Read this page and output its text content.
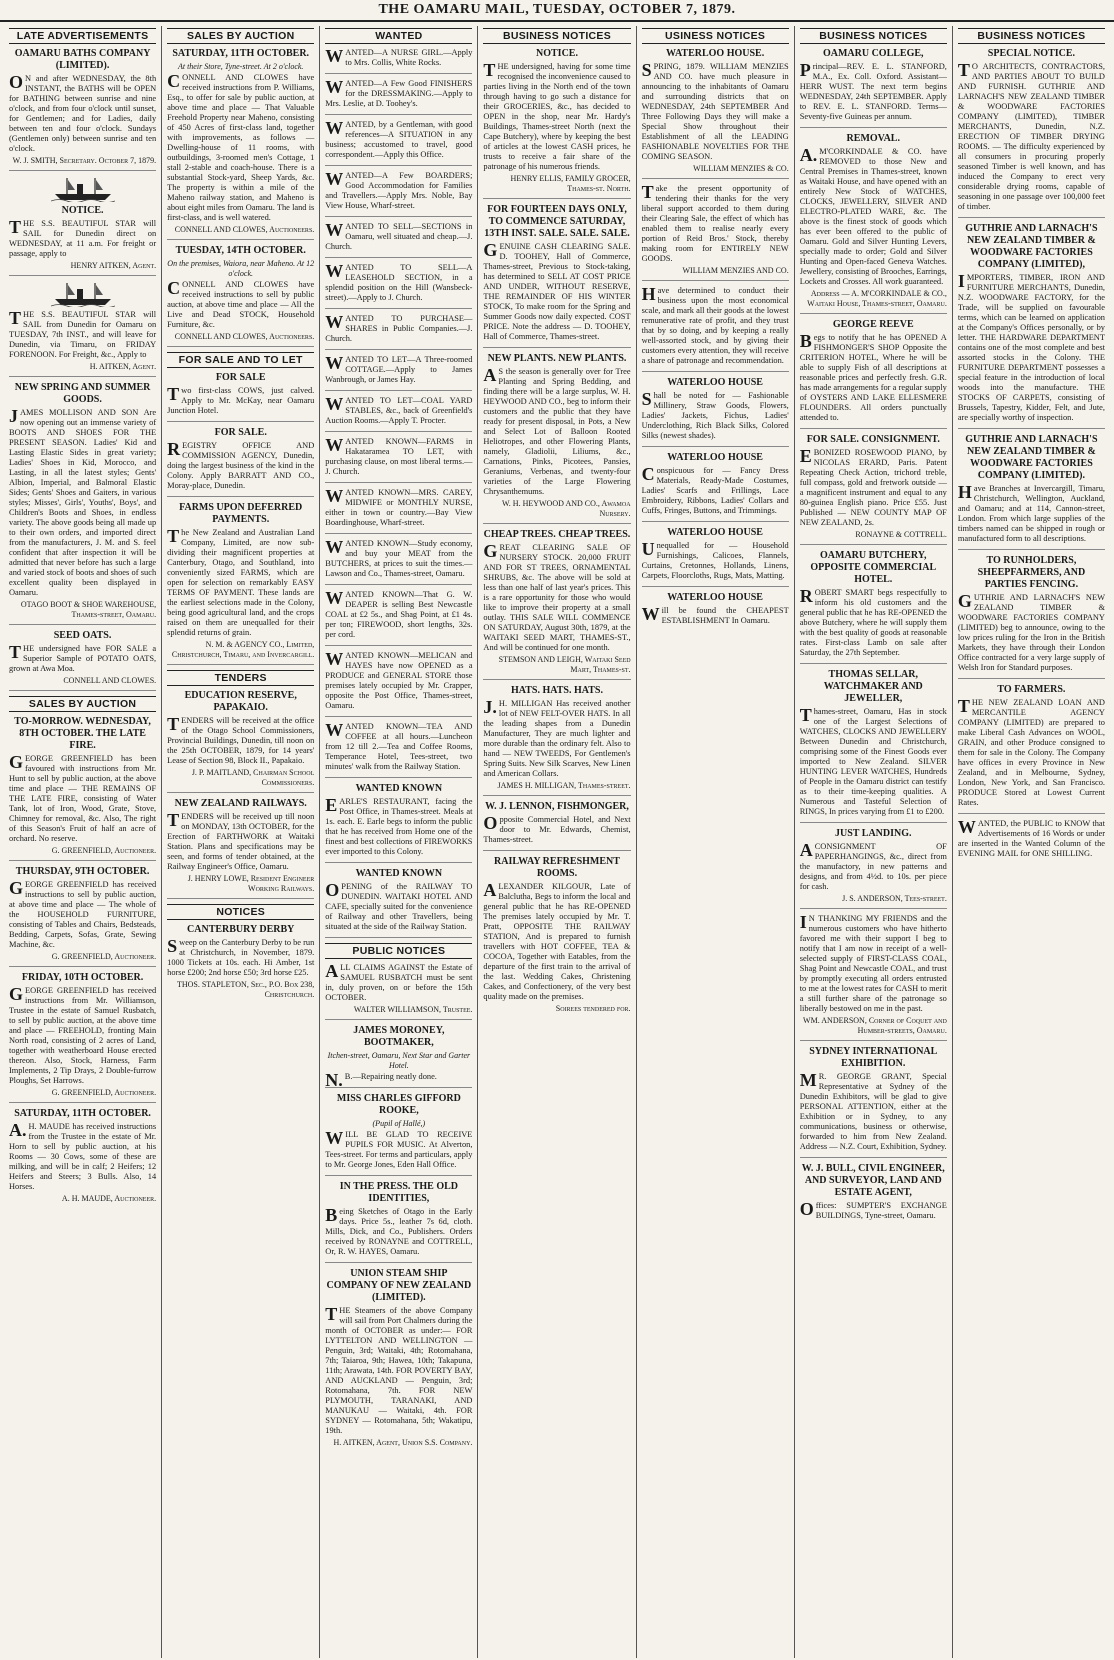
THE OAMARU MAIL, TUESDAY, OCTOBER 7, 1879.
LATE ADVERTISEMENTS
OAMARU BATHS COMPANY (LIMITED).
ON and after WEDNESDAY, the 8th INSTANT, the BATHS will be OPEN for BATHING between sunrise and nine o'clock, and from four o'clock until sunset, for Gentlemen; and for Ladies, daily between ten and four o'clock. Sundays (Gentlemen only) between sunrise and ten o'clock.
W. J. SMITH, Secretary. October 7, 1879.
NOTICE.
THE S.S. BEAUTIFUL STAR will SAIL for Dunedin direct on WEDNESDAY, at 11 a.m. For freight or passage, apply to
HENRY AITKEN, Agent.
THE S.S. BEAUTIFUL STAR will SAIL from Dunedin for Oamaru on TUESDAY, 7th INST., and will leave for Dunedin, via Timaru, on FRIDAY FORENOON. For Freight, &c., Apply to
H. AITKEN, Agent.
NEW SPRING AND SUMMER GOODS.
JAMES MOLLISON AND SON Are now opening out an immense variety of BOOTS AND SHOES FOR THE PRESENT SEASON. Ladies' Kid and Lasting Elastic Sides in great variety; Ladies' Shoes in Kid, Morocco, and Lasting, in all the latest styles; Gents' Albion, Imperial, and Balmoral Elastic Sides; Gents' Shoes and Gaiters, in various styles; Misses', Girls', Youths', Boys', and Children's Boots and Shoes, in endless variety. The above goods being all made up to their own orders, and imported direct from the manufacturers, J. M. and S. feel confident that after inspection it will be admitted that never before has such a large and varied stock of boots and shoes of such excellent quality been displayed in Oamaru.
OTAGO BOOT & SHOE WAREHOUSE, Thames-street, Oamaru.
SEED OATS.
THE undersigned have FOR SALE a Superior Sample of POTATO OATS, grown at Awa Moa.
CONNELL AND CLOWES.
SALES BY AUCTION
TO-MORROW. WEDNESDAY, 8TH OCTOBER. THE LATE FIRE.
GEORGE GREENFIELD has been favoured with instructions from Mr. Hunt to sell by public auction, at the above time and place — THE REMAINS OF THE LATE FIRE, consisting of Water Tank, lot of Iron, Wood, Grate, Stove, Chimney for removal, &c. Also, The right of this Season's Fruit of half an acre of orchard. No reserve.
G. GREENFIELD, Auctioneer.
THURSDAY, 9TH OCTOBER.
GEORGE GREENFIELD has received instructions to sell by public auction, at above time and place — The whole of the HOUSEHOLD FURNITURE, consisting of Tables and Chairs, Bedsteads, Bedding, Carpets, Sofas, Grate, Sewing Machine, &c.
G. GREENFIELD, Auctioneer.
FRIDAY, 10TH OCTOBER.
GEORGE GREENFIELD has received instructions from Mr. Williamson, Trustee in the estate of Samuel Rusbatch, to sell by public auction, at the above time and place — FREEHOLD, fronting Main North road, consisting of 2 acres of Land, together with weatherboard House erected thereon. Also, Stock, Harness, Farm Implements, 2 Tip Drays, 2 Double-furrow Ploughs, Set Harrows.
G. GREENFIELD, Auctioneer.
SATURDAY, 11TH OCTOBER.
A.H. MAUDE has received instructions from the Trustee in the estate of Mr. Horn to sell by public auction, at his Rooms — 30 Cows, some of these are milking, and will be in calf; 2 Heifers; 12 Heifers and Steers; 3 Bulls. Also, 14 Horses.
A. H. MAUDE, Auctioneer.
SALES BY AUCTION
SATURDAY, 11TH OCTOBER.
At their Store, Tyne-street. At 2 o'clock.
CONNELL AND CLOWES have received instructions from P. Williams, Esq., to offer for sale by public auction, at above time and place — That Valuable Freehold Property near Maheno, consisting of 450 Acres of first-class land, together with improvements, as follows — Dwelling-house of 11 rooms, with outbuildings, 3-roomed men's Cottage, 1 stall 2-stable and coach-house. There is a substantial Stock-yard, Sheep Yards, &c. The property is within a mile of the Maheno railway station, and Maheno is about eight miles from Oamaru. The land is first-class, and is well watered.
CONNELL AND CLOWES, Auctioneers.
TUESDAY, 14TH OCTOBER.
On the premises, Waiora, near Maheno. At 12 o'clock.
CONNELL AND CLOWES have received instructions to sell by public auction, at above time and place — All the Live and Dead STOCK, Household Furniture, &c.
CONNELL AND CLOWES, Auctioneers.
FOR SALE AND TO LET
FOR SALE
Two first-class COWS, just calved. Apply to Mr. McKay, near Oamaru Junction Hotel.
FOR SALE.
REGISTRY OFFICE AND COMMISSION AGENCY, Dunedin, doing the largest business of the kind in the Colony. Apply BARRATT AND CO., Moray-place, Dunedin.
FARMS UPON DEFERRED PAYMENTS.
The New Zealand and Australian Land Company, Limited, are now sub-dividing their magnificent properties at Canterbury, Otago, and Southland, into conveniently sized FARMS, which are open for selection on remarkably EASY TERMS OF PAYMENT. These lands are the earliest selections made in the Colony, being good agricultural land, and the crops raised on them are unequalled for their splendid returns of grain.
N. M. & AGENCY CO., Limited, Christchurch, Timaru, and Invercargill.
TENDERS
EDUCATION RESERVE, PAPAKAIO.
TENDERS will be received at the office of the Otago School Commissioners, Provincial Buildings, Dunedin, till noon on the 25th OCTOBER, 1879, for 14 years' Lease of Section 98, Block II., Papakaio.
J. P. MAITLAND, Chairman School Commissioners.
NEW ZEALAND RAILWAYS.
TENDERS will be received up till noon on MONDAY, 13th OCTOBER, for the Erection of FARTHWORK at Waitaki Station. Plans and specifications may be seen, and forms of tender obtained, at the Railway Engineer's Office, Oamaru.
J. HENRY LOWE, Resident Engineer Working Railways.
NOTICES
CANTERBURY DERBY
Sweep on the Canterbury Derby to be run at Christchurch, in November, 1879. 1000 Tickets at 10s. each. Hi Amber, 1st horse £200; 2nd horse £50; 3rd horse £25.
THOS. STAPLETON, Sec., P.O. Box 238, Christchurch.
WANTED
WANTED—A NURSE GIRL.—Apply to Mrs. Collis, White Rocks.
WANTED—A Few Good FINISHERS for the DRESSMAKING.—Apply to Mrs. Leslie, at D. Toohey's.
WANTED, by a Gentleman, with good references—A SITUATION in any business; accustomed to travel, good correspondent.—Apply this Office.
WANTED—A Few BOARDERS; Good Accommodation for Families and Travellers.—Apply Mrs. Noble, Bay View House, Wharf-street.
WANTED TO SELL—SECTIONS in Oamaru, well situated and cheap.—J. Church.
WANTED TO SELL—A LEASEHOLD SECTION, in a splendid position on the Hill (Wansbeck-street).—Apply to J. Church.
WANTED TO PURCHASE—SHARES in Public Companies.—J. Church.
WANTED TO LET—A Three-roomed COTTAGE.—Apply to James Wanbrough, or James Hay.
WANTED TO LET—COAL YARD STABLES, &c., back of Greenfield's Auction Rooms.—Apply T. Procter.
WANTED KNOWN—FARMS in Hakataramea TO LET, with purchasing clause, on most liberal terms.—J. Church.
WANTED KNOWN—MRS. CAREY, MIDWIFE or MONTHLY NURSE, either in town or country.—Bay View Boardinghouse, Wharf-street.
WANTED KNOWN—Study economy, and buy your MEAT from the BUTCHERS, at prices to suit the times.—Lawson and Co., Thames-street, Oamaru.
WANTED KNOWN—That G. W. DEAPER is selling Best Newcastle COAL at £2 5s., and Shag Point, at £1 4s. per ton; FIREWOOD, short lengths, 32s. per cord.
WANTED KNOWN—MELICAN and HAYES have now OPENED as a PRODUCE and GENERAL STORE those premises lately occupied by Mr. Crapper, opposite the Post Office, Thames-street, Oamaru.
WANTED KNOWN—TEA AND COFFEE at all hours.—Luncheon from 12 till 2.—Tea and Coffee Rooms, Temperance Hotel, Tees-street, two minutes' walk from the Railway Station.
WANTED KNOWN
EARLE'S RESTAURANT, facing the Post Office, in Thames-street. Meals at 1s. each. E. Earle begs to inform the public that he has received from Home one of the finest and best collections of FIREWORKS ever imported to this Colony.
WANTED KNOWN
OPENING of the RAILWAY TO DUNEDIN. WAITAKI HOTEL AND CAFE, specially suited for the convenience of Railway and other Travellers, being situated at the side of the Railway Station.
PUBLIC NOTICES
ALL CLAIMS AGAINST the Estate of SAMUEL RUSBATCH must be sent in, duly proven, on or before the 15th OCTOBER.
WALTER WILLIAMSON, Trustee.
JAMES MORONEY, BOOTMAKER,
Itchen-street, Oamaru, Next Star and Garter Hotel.
N.B.—Repairing neatly done.
MISS CHARLES GIFFORD ROOKE,
(Pupil of Hallé,)
WILL BE GLAD TO RECEIVE PUPILS FOR MUSIC. At Alverton, Tees-street. For terms and particulars, apply to Mr. George Jones, Eden Hall Office.
IN THE PRESS. THE OLD IDENTITIES,
Being Sketches of Otago in the Early days. Price 5s., leather 7s 6d, cloth. Mills, Dick, and Co., Publishers. Orders received by RONAYNE and COTTRELL, Or, R. W. HAYES, Oamaru.
UNION STEAM SHIP COMPANY OF NEW ZEALAND (LIMITED).
THE Steamers of the above Company will sail from Port Chalmers during the month of OCTOBER as under:— FOR LYTTELTON AND WELLINGTON — Penguin, 3rd; Waitaki, 4th; Rotomahana, 7th; Taiaroa, 9th; Hawea, 10th; Takapuna, 11th; Arawata, 14th. FOR POVERTY BAY, AND AUCKLAND — Penguin, 3rd; Rotomahana, 7th. FOR NEW PLYMOUTH, TARANAKI, AND MANUKAU — Waitaki, 4th. FOR SYDNEY — Rotomahana, 5th; Wakatipu, 19th.
H. AITKEN, Agent, Union S.S. Company.
BUSINESS NOTICES
NOTICE.
THE undersigned, having for some time recognised the inconvenience caused to parties living in the North end of the town through having to go such a distance for their GROCERIES, &c., has decided to OPEN in the shop, near Mr. Hardy's Buildings, Thames-street North (next the Cape Butchery), where by keeping the best of articles at the lowest CASH prices, he trusts to receive a fair share of the patronage of his numerous friends.
HENRY ELLIS, FAMILY GROCER, Thames-st. North.
FOR FOURTEEN DAYS ONLY, TO COMMENCE SATURDAY, 13TH INST. SALE. SALE. SALE.
GENUINE CASH CLEARING SALE. D. TOOHEY, Hall of Commerce, Thames-street, Previous to Stock-taking, has determined to SELL AT COST PRICE AND UNDER, WITHOUT RESERVE, THE REMAINDER OF HIS WINTER STOCK, To make room for the Spring and Summer Goods now daily expected. COST PRICE. Note the address — D. TOOHEY, Hall of Commerce, Thames-street.
NEW PLANTS. NEW PLANTS.
AS the season is generally over for Tree Planting and Spring Bedding, and finding there will be a large surplus, W. H. HEYWOOD AND CO., beg to inform their customers and the public that they have ready for present disposal, in Pots, a New and Select Lot of Balloon Rooted Heliotropes, and other Flowering Plants, namely, Gladiolii, Liliums, &c., Carnations, Pinks, Picotees, Pansies, Geraniums, Verbenas, and twenty-four varieties of the Large Flowering Chrysanthemums.
W. H. HEYWOOD AND CO., Awamoa Nursery.
CHEAP TREES. CHEAP TREES.
GREAT CLEARING SALE OF NURSERY STOCK. 20,000 FRUIT AND FOR ST TREES, ORNAMENTAL SHRUBS, &c. The above will be sold at less than one half of last year's prices. This is a rare opportunity for those who would like to improve their property at a small outlay. THIS SALE WILL COMMENCE ON SATURDAY, August 30th, 1879, at the WAITAKI SEED MART, THAMES-ST., And will be continued for one month.
STEMSON AND LEIGH, Waitaki Seed Mart, Thames-st.
HATS. HATS. HATS.
J.H. MILLIGAN Has received another lot of NEW FELT-OVER HATS. In all the leading shapes from a Dunedin Manufacturer, They are much lighter and more durable than the ordinary felt. Also to hand — NEW TWEEDS, For Gentlemen's Spring Suits. New Silk Scarves, New Linen and American Collars.
JAMES H. MILLIGAN, Thames-street.
W. J. LENNON, FISHMONGER,
Opposite Commercial Hotel, and Next door to Mr. Edwards, Chemist, Thames-street.
RAILWAY REFRESHMENT ROOMS.
ALEXANDER KILGOUR, Late of Balclutha, Begs to inform the local and general public that he has RE-OPENED The premises lately occupied by Mr. T. Pratt, OPPOSITE THE RAILWAY STATION, And is prepared to furnish travellers with HOT COFFEE, TEA & COCOA, Together with Eatables, from the departure of the first train to the arrival of the last. Wedding Cakes, Christening Cakes, and Confectionery, of the very best quality made on the premises.
Soirees tendered for.
USINESS NOTICES
WATERLOO HOUSE.
SPRING, 1879. WILLIAM MENZIES AND CO. have much pleasure in announcing to the inhabitants of Oamaru and surrounding districts that on WEDNESDAY, 24th SEPTEMBER And Three Following Days they will make a Special Show throughout their Establishment of all the LEADING FASHIONABLE NOVELTIES FOR THE COMING SEASON.
WILLIAM MENZIES & CO.
Take the present opportunity of tendering their thanks for the very liberal support accorded to them during their Clearing Sale, the effect of which has enabled them to realise nearly every portion of Reid Bros.' Stock, thereby making room for ENTIRELY NEW GOODS.
WILLIAM MENZIES AND CO.
Have determined to conduct their business upon the most economical scale, and mark all their goods at the lowest remunerative rate of profit, and they trust that by so doing, and by keeping a really well-assorted stock, and by giving their customers every attention, they will receive a share of patronage and recommendation.
WATERLOO HOUSE
Shall be noted for — Fashionable Millinery, Straw Goods, Flowers, Ladies' Jackets, Fichus, Ladies' Underclothing, Rich Black Silks, Colored Silks (newest shades).
WATERLOO HOUSE
Conspicuous for — Fancy Dress Materials, Ready-Made Costumes, Ladies' Scarfs and Frillings, Lace Embroidery, Ribbons, Ladies' Collars and Cuffs, Fringes, Buttons, and Trimmings.
WATERLOO HOUSE
Unequalled for — Household Furnishings, Calicoes, Flannels, Curtains, Cretonnes, Hollands, Linens, Carpets, Floorcloths, Rugs, Mats, Matting.
WATERLOO HOUSE
Will be found the CHEAPEST ESTABLISHMENT In Oamaru.
BUSINESS NOTICES
OAMARU COLLEGE,
Principal—REV. E. L. STANFORD, M.A., Ex. Coll. Oxford. Assistant—HERR WUST. The next term begins WEDNESDAY, 24th SEPTEMBER. Apply to REV. E. L. STANFORD. Terms—Seventy-five Guineas per annum.
REMOVAL.
A.M'CORKINDALE & CO. have REMOVED to those New and Central Premises in Thames-street, known as Waitaki House, and have opened with an entirely New Stock of WATCHES, CLOCKS, JEWELLERY, SILVER AND ELECTRO-PLATED WARE, &c. The above is the finest stock of goods which has ever been offered to the public of Oamaru. Gold and Silver Hunting Levers, specially made to order; Gold and Silver Hunting and Open-faced Geneva Watches. Jewellery, consisting of Brooches, Earrings, Lockets and Crosses. All work guaranteed.
Address — A. M'CORKINDALE & CO., Waitaki House, Thames-street, Oamaru.
GEORGE REEVE
Begs to notify that he has OPENED A FISHMONGER'S SHOP Opposite the CRITERION HOTEL, Where he will be able to supply Fish of all descriptions at reasonable prices and perfectly fresh. G.R. has made arrangements for a regular supply of OYSTERS AND LAKE ELLESMERE FLOUNDERS. All orders punctually attended to.
FOR SALE. CONSIGNMENT.
EBONIZED ROSEWOOD PIANO, by NICOLAS ERARD, Paris. Patent Repeating Check Action, trichord treble, full compass, gold and fretwork outside — a magnificent instrument and equal to any 80-guinea English piano. Price £55. Just Published — NEW COUNTY MAP OF NEW ZEALAND, 2s.
RONAYNE & COTTRELL.
OAMARU BUTCHERY, OPPOSITE COMMERCIAL HOTEL.
ROBERT SMART begs respectfully to inform his old customers and the general public that he has RE-OPENED the above Butchery, where he will supply them with the best quality of goods at reasonable rates. First-class Lamb on sale after Saturday, the 27th September.
THOMAS SELLAR, WATCHMAKER AND JEWELLER,
Thames-street, Oamaru, Has in stock one of the Largest Selections of WATCHES, CLOCKS AND JEWELLERY Between Dunedin and Christchurch, comprising some of the Finest Goods ever imported to New Zealand. SILVER HUNTING LEVER WATCHES, Hundreds of People in the Oamaru district can testify as to their time-keeping qualities. A Numerous and Tasteful Selection of RINGS, In prices varying from £1 to £200.
JUST LANDING.
ACONSIGNMENT OF PAPERHANGINGS, &c., direct from the manufactory, in new patterns and designs, and from 4½d. to 10s. per piece for cash.
J. S. ANDERSON, Tees-street.
IN THANKING MY FRIENDS and the numerous customers who have hitherto favored me with their support I beg to notify that I am now in receipt of a well-selected supply of FIRST-CLASS COAL, Shag Point and Newcastle COAL, and trust by promptly executing all orders entrusted to me at the lowest rates for CASH to merit a still further share of the patronage so liberally bestowed on me in the past.
WM. ANDERSON, Corner of Coquet and Humber-streets, Oamaru.
SYDNEY INTERNATIONAL EXHIBITION.
MR. GEORGE GRANT, Special Representative at Sydney of the Dunedin Exhibitors, will be glad to give PERSONAL ATTENTION, either at the Exhibition or in Sydney, to any communications, business or otherwise, forwarded to him from New Zealand. Address — N.Z. Court, Exhibition, Sydney.
W. J. BULL, CIVIL ENGINEER, AND SURVEYOR, LAND AND ESTATE AGENT,
Offices: SUMPTER'S EXCHANGE BUILDINGS, Tyne-street, Oamaru.
BUSINESS NOTICES
SPECIAL NOTICE.
TO ARCHITECTS, CONTRACTORS, AND PARTIES ABOUT TO BUILD AND FURNISH. GUTHRIE AND LARNACH'S NEW ZEALAND TIMBER & WOODWARE FACTORIES COMPANY (LIMITED), TIMBER MERCHANTS, Dunedin, N.Z. ERECTION OF TIMBER DRYING ROOMS. — The difficulty experienced by all consumers in procuring properly seasoned Timber is well known, and has induced the Company to erect very considerable drying rooms, capable of seasoning in one passage over 100,000 feet of timber.
GUTHRIE AND LARNACH'S NEW ZEALAND TIMBER & WOODWARE FACTORIES COMPANY (LIMITED),
IMPORTERS, TIMBER, IRON AND FURNITURE MERCHANTS, Dunedin, N.Z. WOODWARE FACTORY, for the Trade, will be supplied on favourable terms, which can be learned on application at the Company's Offices personally, or by letter. THE HARDWARE DEPARTMENT contains one of the most complete and best assorted stocks in the Colony. THE FURNITURE DEPARTMENT possesses a special feature in the introduction of local woods into the manufacture. THE STOCKS OF CARPETS, consisting of Brussels, Tapestry, Kidder, Felt, and Jute, are specially worthy of inspection.
GUTHRIE AND LARNACH'S NEW ZEALAND TIMBER & WOODWARE FACTORIES COMPANY (LIMITED).
Have Branches at Invercargill, Timaru, Christchurch, Wellington, Auckland, and Oamaru; and at 114, Cannon-street, London. From which large supplies of the timbers named can be shipped in rough or manufactured form to all descriptions.
TO RUNHOLDERS, SHEEPFARMERS, AND PARTIES FENCING.
GUTHRIE AND LARNACH'S NEW ZEALAND TIMBER & WOODWARE FACTORIES COMPANY (LIMITED) beg to announce, owing to the low prices ruling for the Iron in the British Markets, they have through their London Office contracted for a very large supply of Welsh Iron for Standard purposes.
TO FARMERS.
THE NEW ZEALAND LOAN AND MERCANTILE AGENCY COMPANY (LIMITED) are prepared to make Liberal Cash Advances on WOOL, GRAIN, and other Produce consigned to them for sale in the Colony. The Company have offices in every Province in New Zealand, and in Melbourne, Sydney, London, New York, and San Francisco. PRODUCE Stored at Lowest Current Rates.
WANTED, the PUBLIC to KNOW that Advertisements of 16 Words or under are inserted in the Wanted Column of the EVENING MAIL for ONE SHILLING.
